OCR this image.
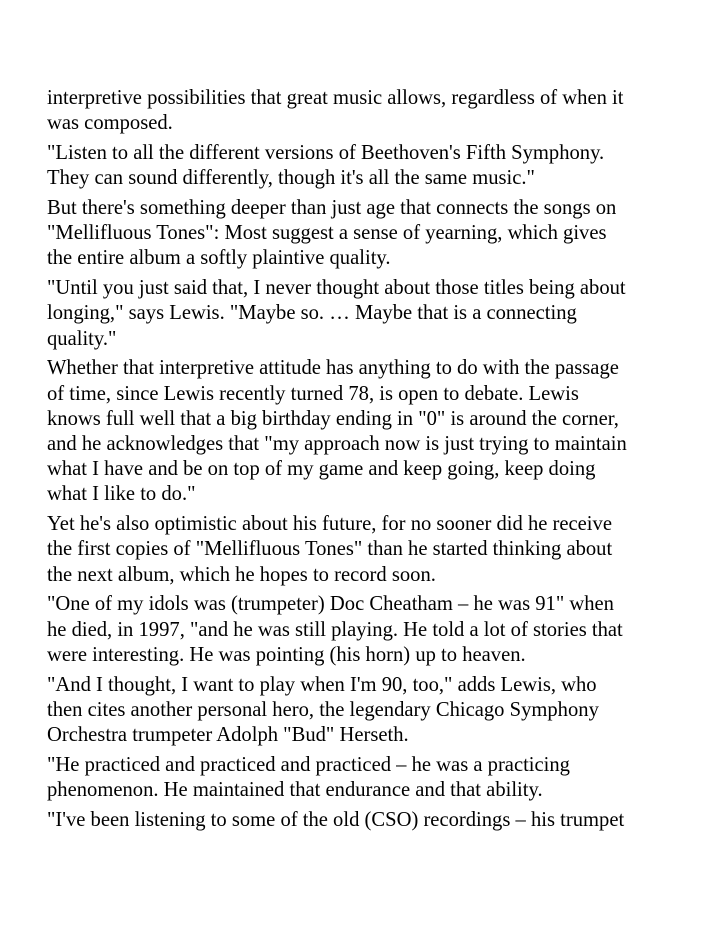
interpretive possibilities that great music allows, regardless of when it
was composed.

"Listen to all the different versions of Beethoven's Fifth Symphony.
They can sound differently, though it's all the same music."

But there's something deeper than just age that connects the songs on
"Mellifluous Tones": Most suggest a sense of yearning, which gives
the entire album a softly plaintive quality.

"Until you just said that, I never thought about those titles being about
longing," says Lewis. "Maybe so. … Maybe that is a connecting
quality."

Whether that interpretive attitude has anything to do with the passage
of time, since Lewis recently turned 78, is open to debate. Lewis
knows full well that a big birthday ending in "0" is around the corner,
and he acknowledges that "my approach now is just trying to maintain
what I have and be on top of my game and keep going, keep doing
what I like to do."

Yet he's also optimistic about his future, for no sooner did he receive
the first copies of "Mellifluous Tones" than he started thinking about
the next album, which he hopes to record soon.

"One of my idols was (trumpeter) Doc Cheatham – he was 91" when
he died, in 1997, "and he was still playing. He told a lot of stories that
were interesting. He was pointing (his horn) up to heaven.

"And I thought, I want to play when I'm 90, too," adds Lewis, who
then cites another personal hero, the legendary Chicago Symphony
Orchestra trumpeter Adolph "Bud" Herseth.

"He practiced and practiced and practiced – he was a practicing
phenomenon. He maintained that endurance and that ability.

"I've been listening to some of the old (CSO) recordings – his trumpet
